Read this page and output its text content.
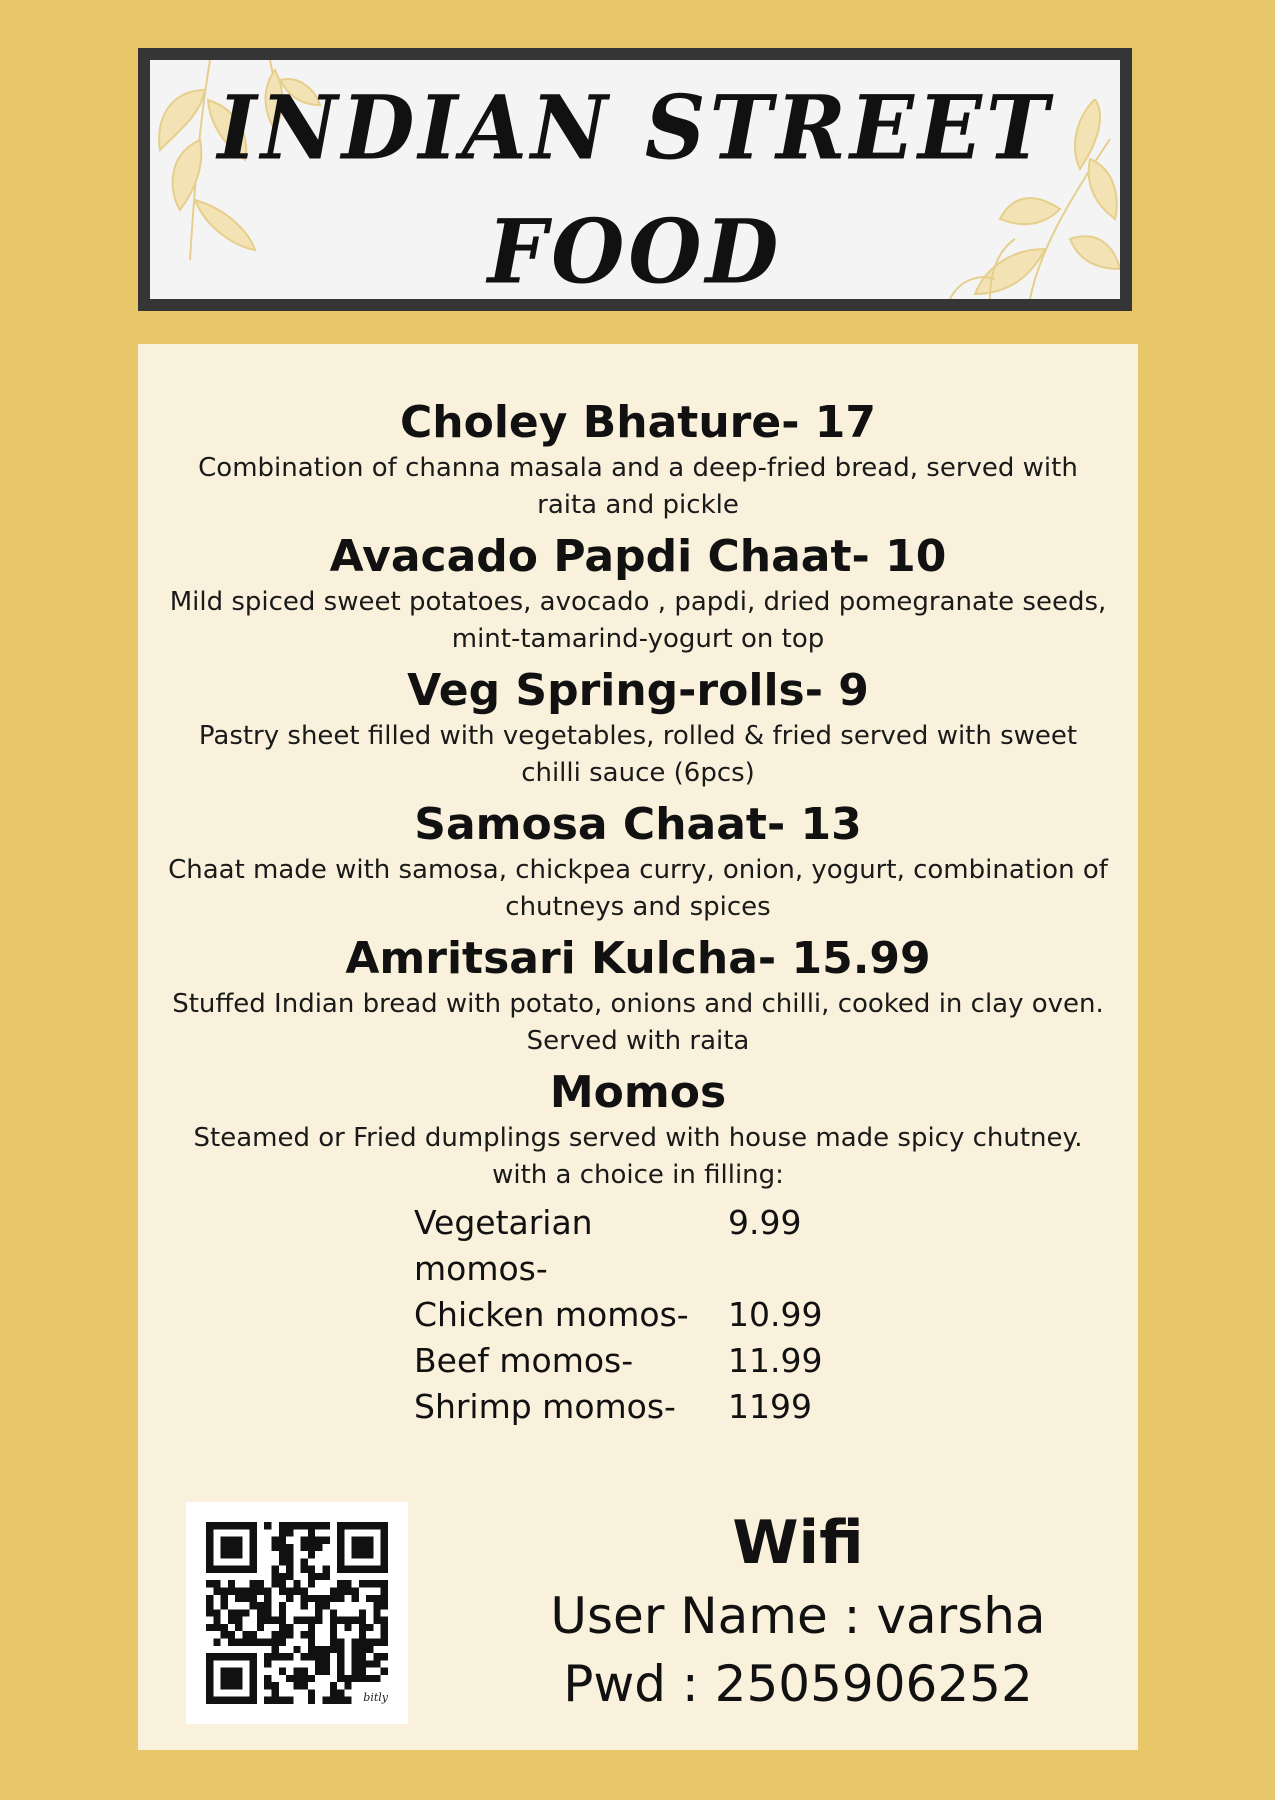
INDIAN STREET
FOOD

Choley Bhature- 17

Combination of channa masala and a deep-fried bread, served with raita and pickle

Avacado Papdi Chaat- 10

Mild spiced sweet potatoes, avocado , papdi, dried pomegranate seeds, mint-tamarind-yogurt on top

Veg Spring-rolls- 9

Pastry sheet filled with vegetables, rolled & fried served with sweet chilli sauce (6pcs)

Samosa Chaat- 13

Chaat made with samosa, chickpea curry, onion, yogurt, combination of chutneys and spices

Amritsari Kulcha- 15.99

Stuffed Indian bread with potato, onions and chilli, cooked in clay oven. Served with raita

Momos

Steamed or Fried dumplings served with house made spicy chutney. with a choice in filling:

Vegetarian momos-
9.99
Chicken momos-	10.99
Beef momos-	11.99
Shrimp momos-	1199
bitly
Wifi
User Name : varsha
Pwd : 2505906252
